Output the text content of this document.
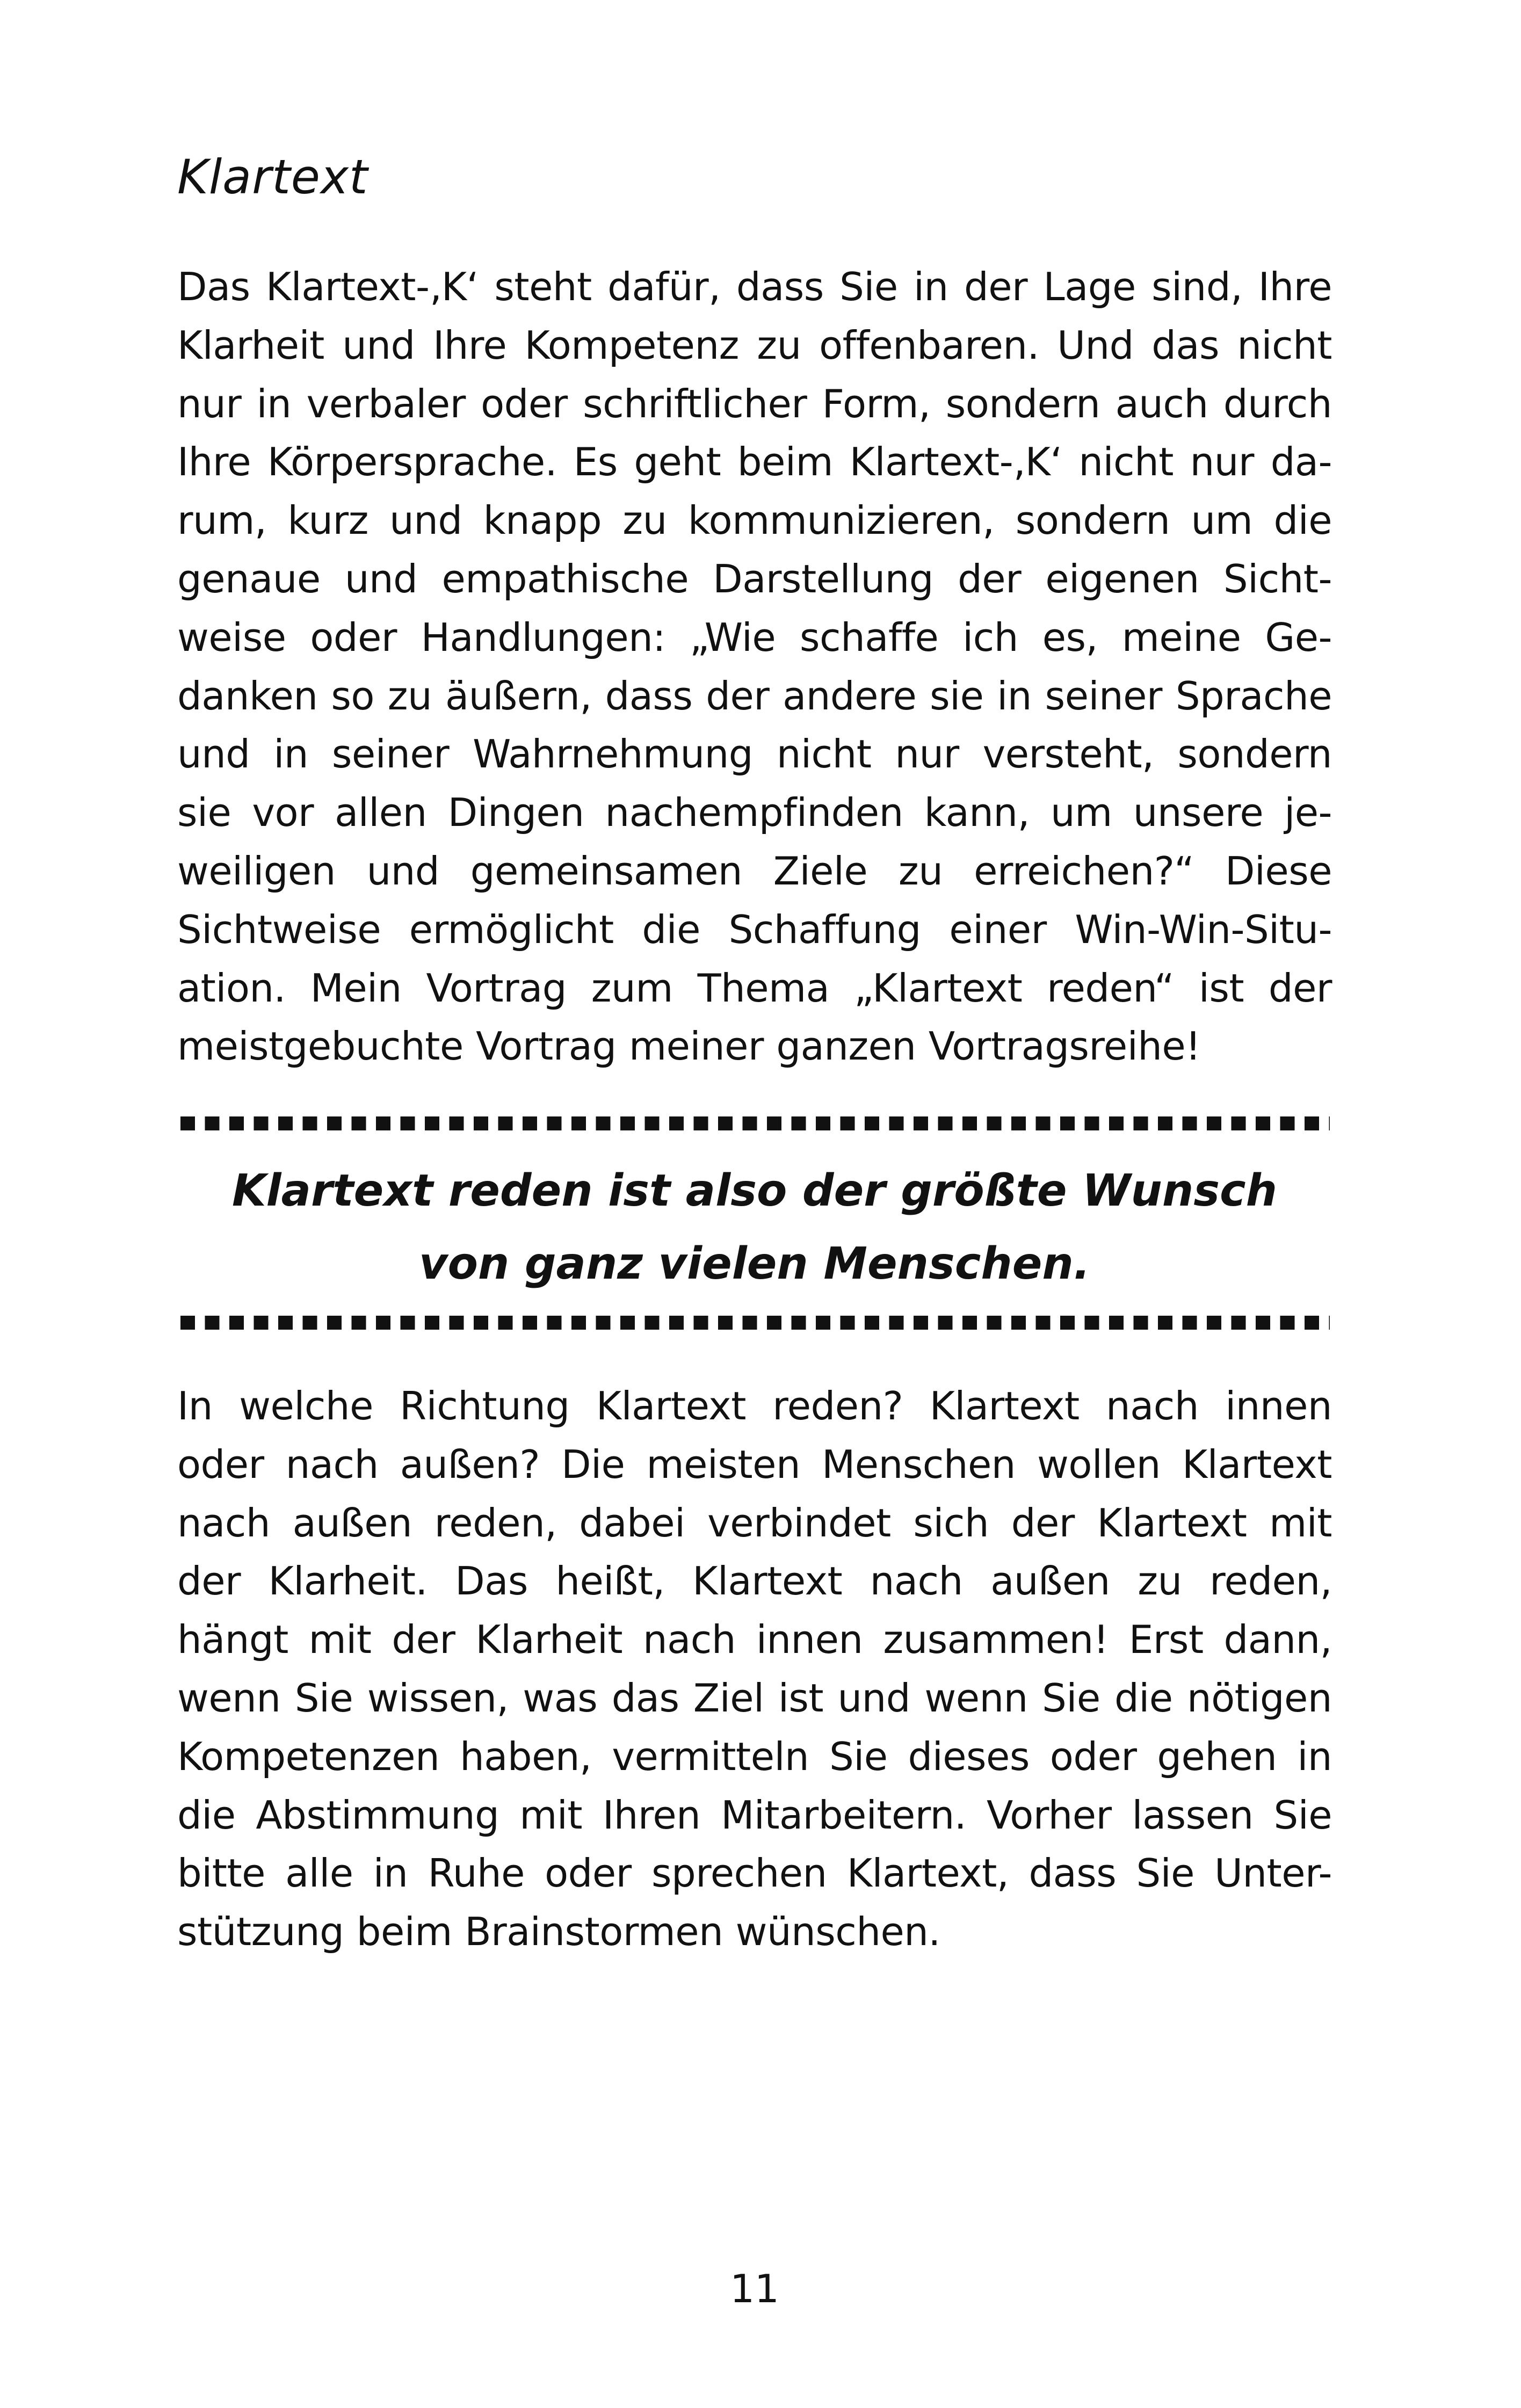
Klartext

Das Klartext-‚K‘ steht dafür, dass Sie in der Lage sind, Ihre
Klarheit und Ihre Kompetenz zu offenbaren. Und das nicht
nur in verbaler oder schriftlicher Form, sondern auch durch
Ihre Körpersprache. Es geht beim Klartext-‚K‘ nicht nur da-
rum, kurz und knapp zu kommunizieren, sondern um die
genaue und empathische Darstellung der eigenen Sicht-
weise oder Handlungen: „Wie schaffe ich es, meine Ge-
danken so zu äußern, dass der andere sie in seiner Sprache
und in seiner Wahrnehmung nicht nur versteht, sondern
sie vor allen Dingen nachempfinden kann, um unsere je-
weiligen und gemeinsamen Ziele zu erreichen?“ Diese
Sichtweise ermöglicht die Schaffung einer Win-Win-Situ-
ation. Mein Vortrag zum Thema „Klartext reden“ ist der
meistgebuchte Vortrag meiner ganzen Vortragsreihe!

Klartext reden ist also der größte Wunsch
von ganz vielen Menschen.

In welche Richtung Klartext reden? Klartext nach innen
oder nach außen? Die meisten Menschen wollen Klartext
nach außen reden, dabei verbindet sich der Klartext mit
der Klarheit. Das heißt, Klartext nach außen zu reden,
hängt mit der Klarheit nach innen zusammen! Erst dann,
wenn Sie wissen, was das Ziel ist und wenn Sie die nötigen
Kompetenzen haben, vermitteln Sie dieses oder gehen in
die Abstimmung mit Ihren Mitarbeitern. Vorher lassen Sie
bitte alle in Ruhe oder sprechen Klartext, dass Sie Unter-
stützung beim Brainstormen wünschen.

11
